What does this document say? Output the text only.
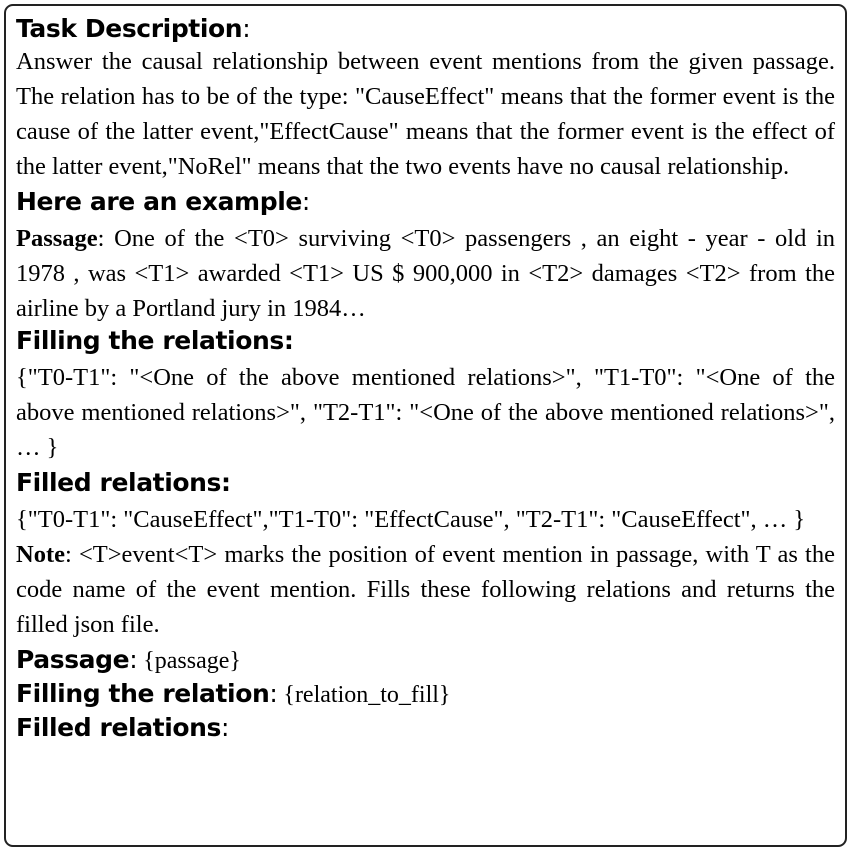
Task Description:
Answer the causal relationship between event mentions from the given passage. The relation has to be of the type: "CauseEffect" means that the former event is the cause of the latter event,"EffectCause" means that the former event is the effect of the latter event,"NoRel" means that the two events have no causal relationship.
Here are an example:
Passage: One of the <T0> surviving <T0> passengers , an eight - year - old in 1978 , was <T1> awarded <T1> US $ 900,000 in <T2> damages <T2> from the airline by a Portland jury in 1984…
Filling the relations:
{"T0-T1": "<One of the above mentioned relations>", "T1-T0": "<One of the above mentioned relations>", "T2-T1": "<One of the above mentioned relations>", … }
Filled relations:
{"T0-T1": "CauseEffect","T1-T0": "EffectCause", "T2-T1": "CauseEffect", … }
Note: <T>event<T> marks the position of event mention in passage, with T as the code name of the event mention. Fills these following relations and returns the filled json file.
Passage: {passage}
Filling the relation: {relation_to_fill}
Filled relations:
